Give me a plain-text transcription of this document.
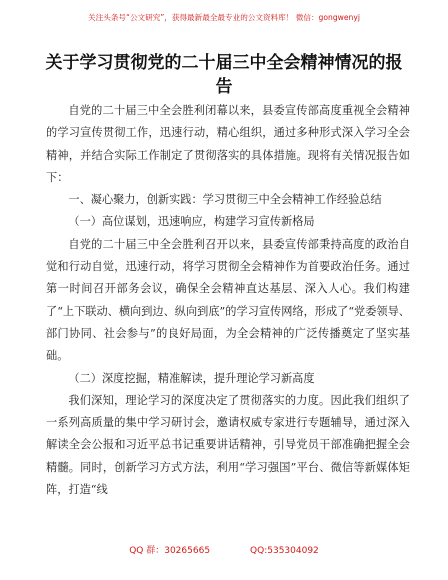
关注头条号“公文研究”，获得最新最全最专业的公文资料库！ 微信：gongwenyj
关于学习贯彻党的二十届三中全会精神情况的报告

自党的二十届三中全会胜利闭幕以来，县委宣传部高度重视全会精神的学习宣传贯彻工作，迅速行动，精心组织，通过多种形式深入学习全会精神，并结合实际工作制定了贯彻落实的具体措施。现将有关情况报告如下：

一、凝心聚力，创新实践：学习贯彻三中全会精神工作经验总结

（一）高位谋划，迅速响应，构建学习宣传新格局

自党的二十届三中全会胜利召开以来，县委宣传部秉持高度的政治自觉和行动自觉，迅速行动，将学习贯彻全会精神作为首要政治任务。通过第一时间召开部务会议，确保全会精神直达基层、深入人心。我们构建了“上下联动、横向到边、纵向到底”的学习宣传网络，形成了“党委领导、部门协同、社会参与”的良好局面，为全会精神的广泛传播奠定了坚实基础。

（二）深度挖掘，精准解读，提升理论学习新高度

我们深知，理论学习的深度决定了贯彻落实的力度。因此我们组织了一系列高质量的集中学习研讨会，邀请权威专家进行专题辅导，通过深入解读全会公报和习近平总书记重要讲话精神，引导党员干部准确把握全会精髓。同时，创新学习方式方法，利用“学习强国”平台、微信等新媒体矩阵，打造“线

QQ 群：30265665	QQ:535304092
